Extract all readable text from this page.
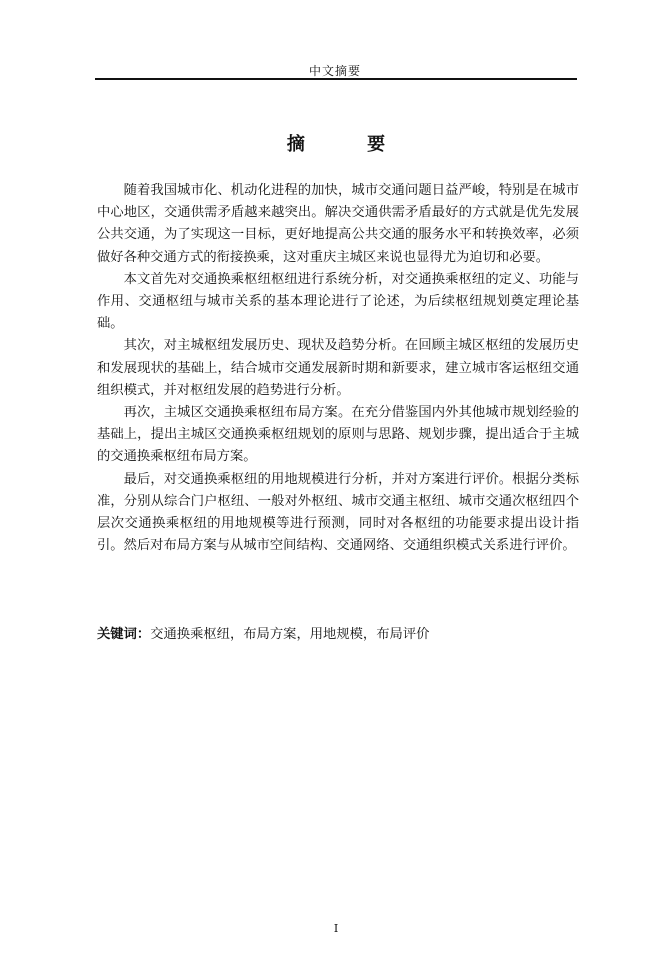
中文摘要
摘 要

随着我国城市化、机动化进程的加快，城市交通问题日益严峻，特别是在城市中心地区，交通供需矛盾越来越突出。解决交通供需矛盾最好的方式就是优先发展公共交通，为了实现这一目标，更好地提高公共交通的服务水平和转换效率，必须做好各种交通方式的衔接换乘，这对重庆主城区来说也显得尤为迫切和必要。

本文首先对交通换乘枢纽枢纽进行系统分析，对交通换乘枢纽的定义、功能与作用、交通枢纽与城市关系的基本理论进行了论述，为后续枢纽规划奠定理论基础。

其次，对主城枢纽发展历史、现状及趋势分析。在回顾主城区枢纽的发展历史和发展现状的基础上，结合城市交通发展新时期和新要求，建立城市客运枢纽交通组织模式，并对枢纽发展的趋势进行分析。

再次，主城区交通换乘枢纽布局方案。在充分借鉴国内外其他城市规划经验的基础上，提出主城区交通换乘枢纽规划的原则与思路、规划步骤，提出适合于主城的交通换乘枢纽布局方案。

最后，对交通换乘枢纽的用地规模进行分析，并对方案进行评价。根据分类标准，分别从综合门户枢纽、一般对外枢纽、城市交通主枢纽、城市交通次枢纽四个层次交通换乘枢纽的用地规模等进行预测，同时对各枢纽的功能要求提出设计指引。然后对布局方案与从城市空间结构、交通网络、交通组织模式关系进行评价。

关键词：交通换乘枢纽，布局方案，用地规模，布局评价
I
